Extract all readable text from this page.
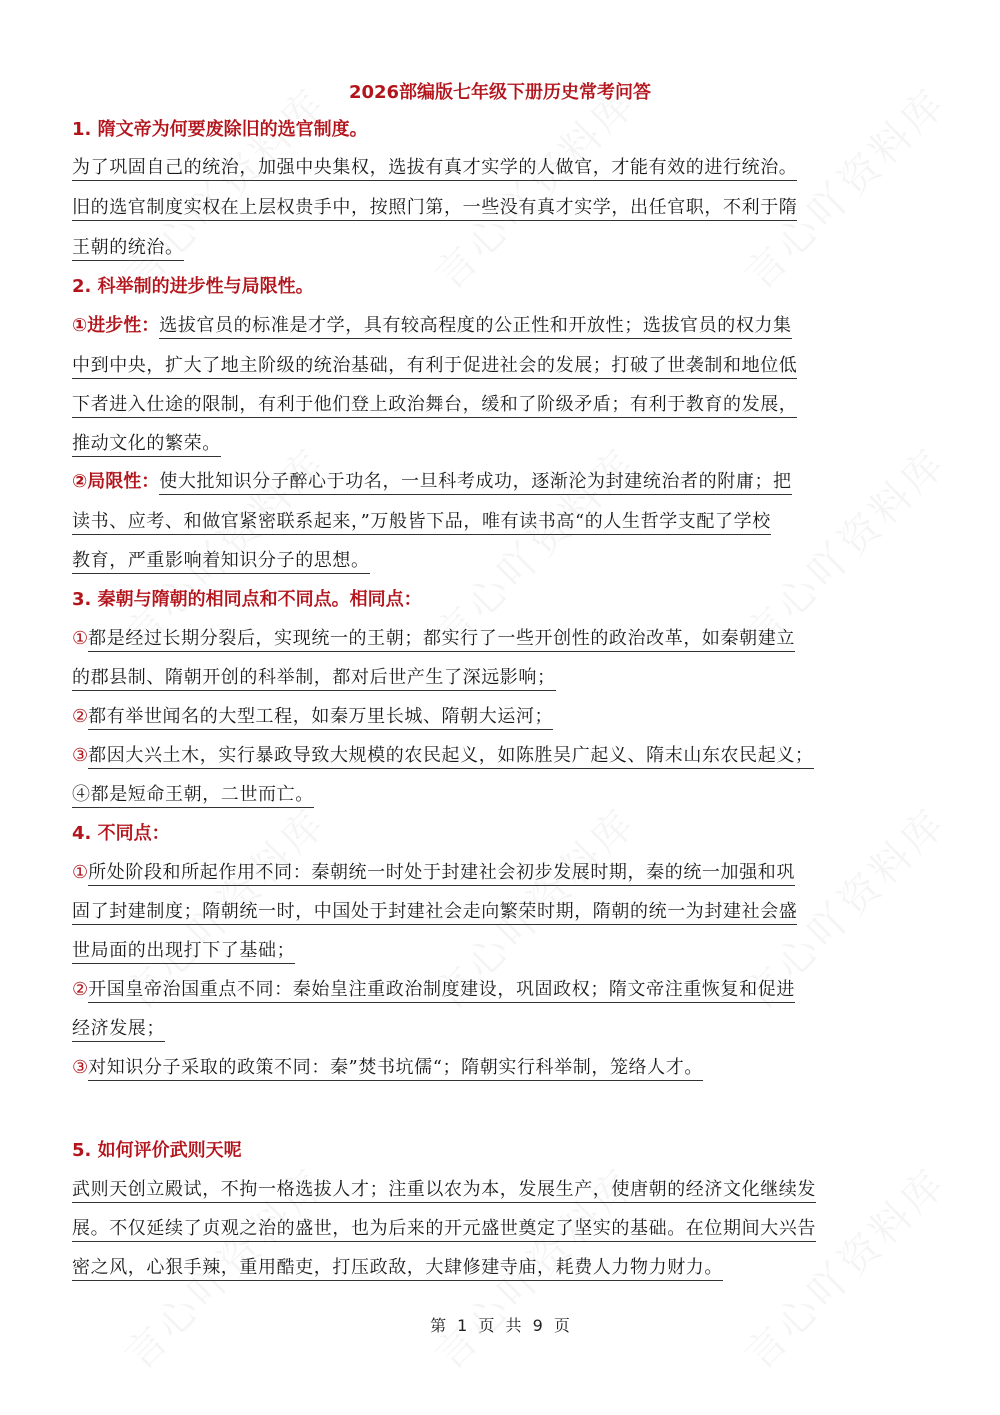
2026部编版七年级下册历史常考问答
1. 隋文帝为何要废除旧的选官制度。
为了巩固自己的统治，加强中央集权，选拔有真才实学的人做官，才能有效的进行统治。
旧的选官制度实权在上层权贵手中，按照门第，一些没有真才实学，出任官职，不利于隋
王朝的统治。
2. 科举制的进步性与局限性。
①进步性：选拔官员的标准是才学，具有较高程度的公正性和开放性；选拔官员的权力集
中到中央，扩大了地主阶级的统治基础，有利于促进社会的发展；打破了世袭制和地位低
下者进入仕途的限制，有利于他们登上政治舞台，缓和了阶级矛盾；有利于教育的发展，
推动文化的繁荣。
②局限性：使大批知识分子醉心于功名，一旦科考成功，逐渐沦为封建统治者的附庸；把
读书、应考、和做官紧密联系起来，”万般皆下品，唯有读书高“的人生哲学支配了学校
教育，严重影响着知识分子的思想。
3. 秦朝与隋朝的相同点和不同点。相同点：
①都是经过长期分裂后，实现统一的王朝；都实行了一些开创性的政治改革，如秦朝建立
的郡县制、隋朝开创的科举制，都对后世产生了深远影响；
②都有举世闻名的大型工程，如秦万里长城、隋朝大运河；
③都因大兴土木，实行暴政导致大规模的农民起义，如陈胜吴广起义、隋末山东农民起义；
④都是短命王朝，二世而亡。
4. 不同点：
①所处阶段和所起作用不同：秦朝统一时处于封建社会初步发展时期，秦的统一加强和巩
固了封建制度；隋朝统一时，中国处于封建社会走向繁荣时期，隋朝的统一为封建社会盛
世局面的出现打下了基础；
②开国皇帝治国重点不同：秦始皇注重政治制度建设，巩固政权；隋文帝注重恢复和促进
经济发展；
③对知识分子采取的政策不同：秦”焚书坑儒“；隋朝实行科举制，笼络人才。
5. 如何评价武则天呢
武则天创立殿试，不拘一格选拔人才；注重以农为本，发展生产，使唐朝的经济文化继续发
展。不仅延续了贞观之治的盛世，也为后来的开元盛世奠定了坚实的基础。在位期间大兴告
密之风，心狠手辣，重用酷吏，打压政敌，大肆修建寺庙，耗费人力物力财力。
第 1 页 共 9 页
